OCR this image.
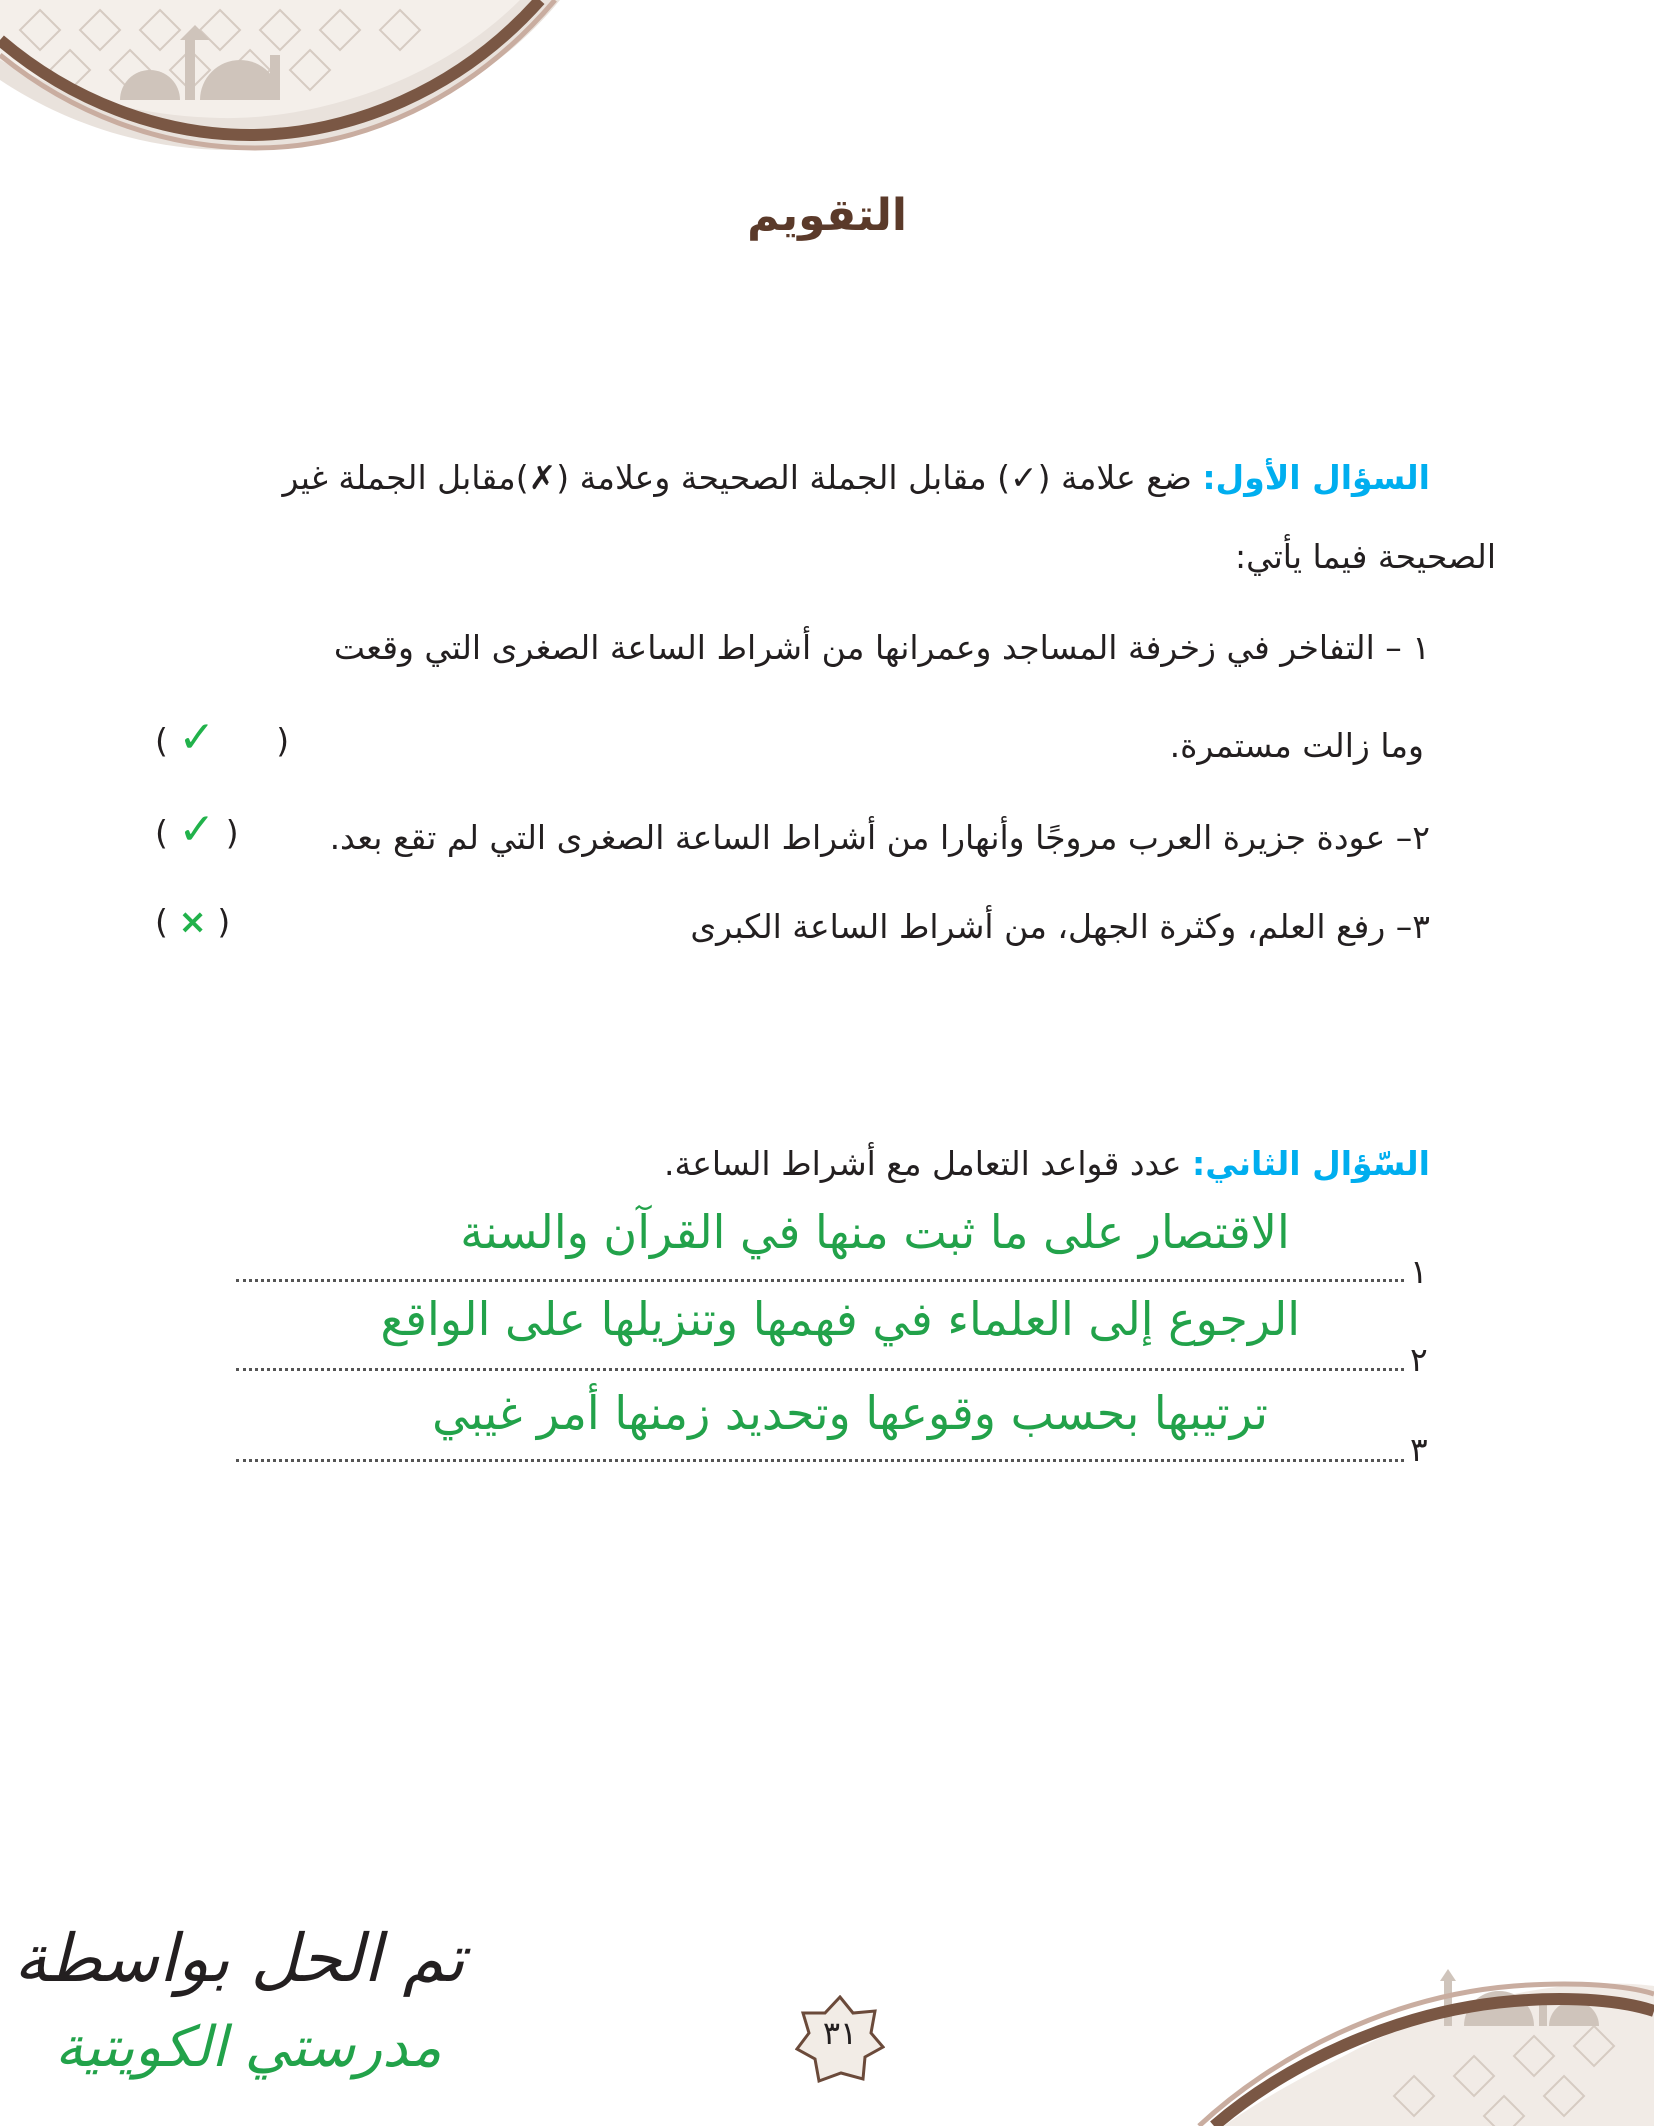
التقويم
السؤال الأول: ضع علامة (✓) مقابل الجملة الصحيحة وعلامة (✗)مقابل الجملة غير
الصحيحة فيما يأتي:
١ – التفاخر في زخرفة المساجد وعمرانها من أشراط الساعة الصغرى التي وقعت
وما زالت مستمرة.
( ✓ )
٢– عودة جزيرة العرب مروجًا وأنهارا من أشراط الساعة الصغرى التي لم تقع بعد.
( ✓ )
٣– رفع العلم، وكثرة الجهل، من أشراط الساعة الكبرى
( × )
السّؤال الثاني: عدد قواعد التعامل مع أشراط الساعة.
الاقتصار على ما ثبت منها في القرآن والسنة
١
الرجوع إلى العلماء في فهمها وتنزيلها على الواقع
٢
ترتيبها بحسب وقوعها وتحديد زمنها أمر غيبي
٣
تم الحل بواسطة
مدرستي الكويتية	٣١
